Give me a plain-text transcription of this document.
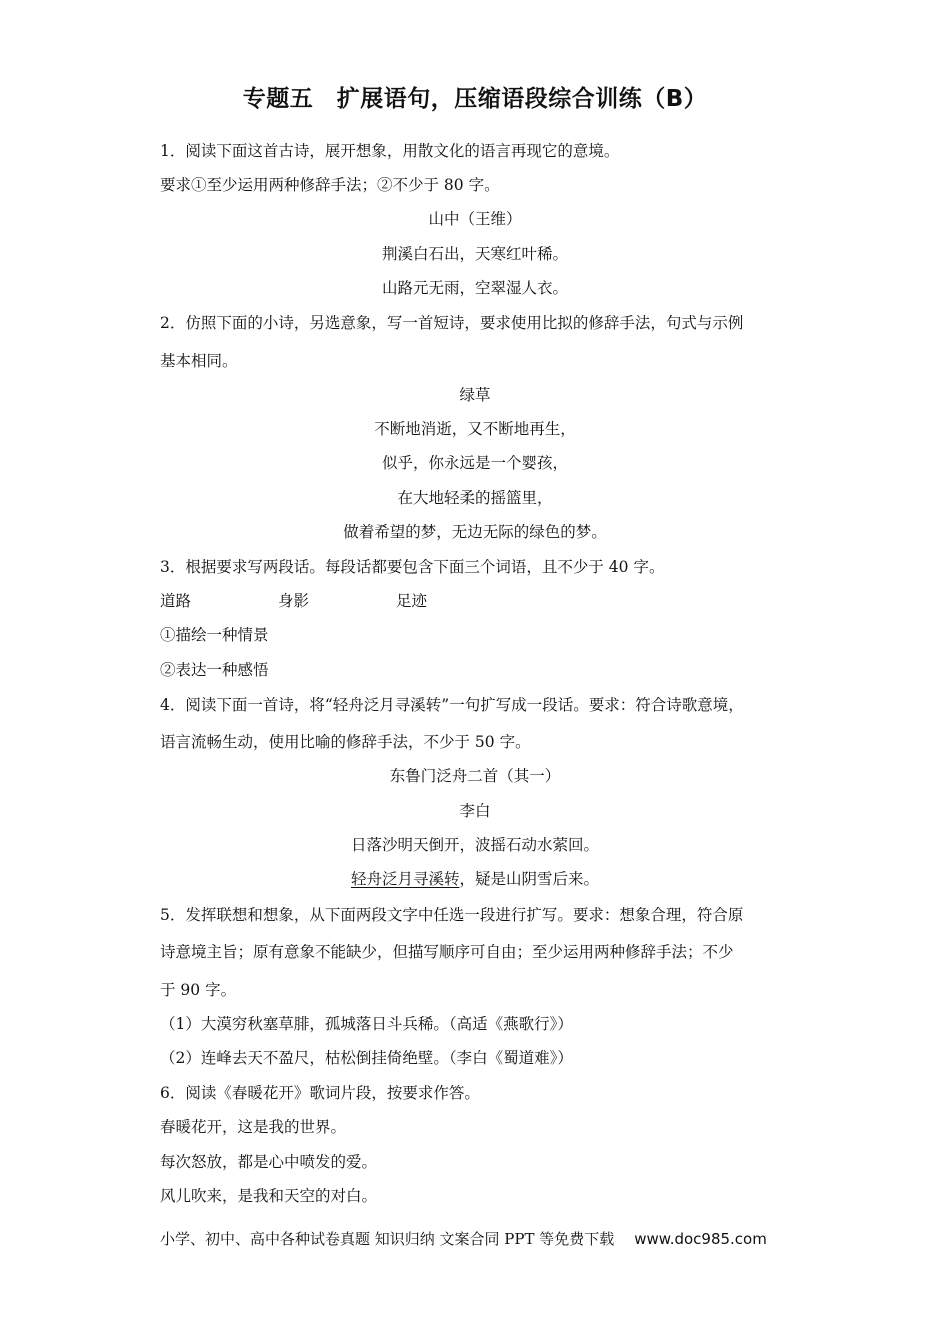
专题五　扩展语句，压缩语段综合训练（B）
1．阅读下面这首古诗，展开想象，用散文化的语言再现它的意境。
要求①至少运用两种修辞手法；②不少于 80 字。
山中（王维）
荆溪白石出，天寒红叶稀。
山路元无雨，空翠湿人衣。
2．仿照下面的小诗，另选意象，写一首短诗，要求使用比拟的修辞手法，句式与示例
基本相同。
绿草
不断地消逝，又不断地再生，
似乎，你永远是一个婴孩，
在大地轻柔的摇篮里，
做着希望的梦，无边无际的绿色的梦。
3．根据要求写两段话。每段话都要包含下面三个词语，且不少于 40 字。
道路	身影	足迹
①描绘一种情景
②表达一种感悟
4．阅读下面一首诗，将“轻舟泛月寻溪转”一句扩写成一段话。要求：符合诗歌意境，
语言流畅生动，使用比喻的修辞手法，不少于 50 字。
东鲁门泛舟二首（其一）
李白
日落沙明天倒开，波摇石动水萦回。
轻舟泛月寻溪转，疑是山阴雪后来。
5．发挥联想和想象，从下面两段文字中任选一段进行扩写。要求：想象合理，符合原
诗意境主旨；原有意象不能缺少，但描写顺序可自由；至少运用两种修辞手法；不少
于 90 字。
（1）大漠穷秋塞草腓，孤城落日斗兵稀。（高适《燕歌行》）
（2）连峰去天不盈尺，枯松倒挂倚绝壁。（李白《蜀道难》）
6．阅读《春暖花开》歌词片段，按要求作答。
春暖花开，这是我的世界。
每次怒放，都是心中喷发的爱。
风儿吹来，是我和天空的对白。
小学、初中、高中各种试卷真题 知识归纳 文案合同 PPT 等免费下载 www.doc985.com
